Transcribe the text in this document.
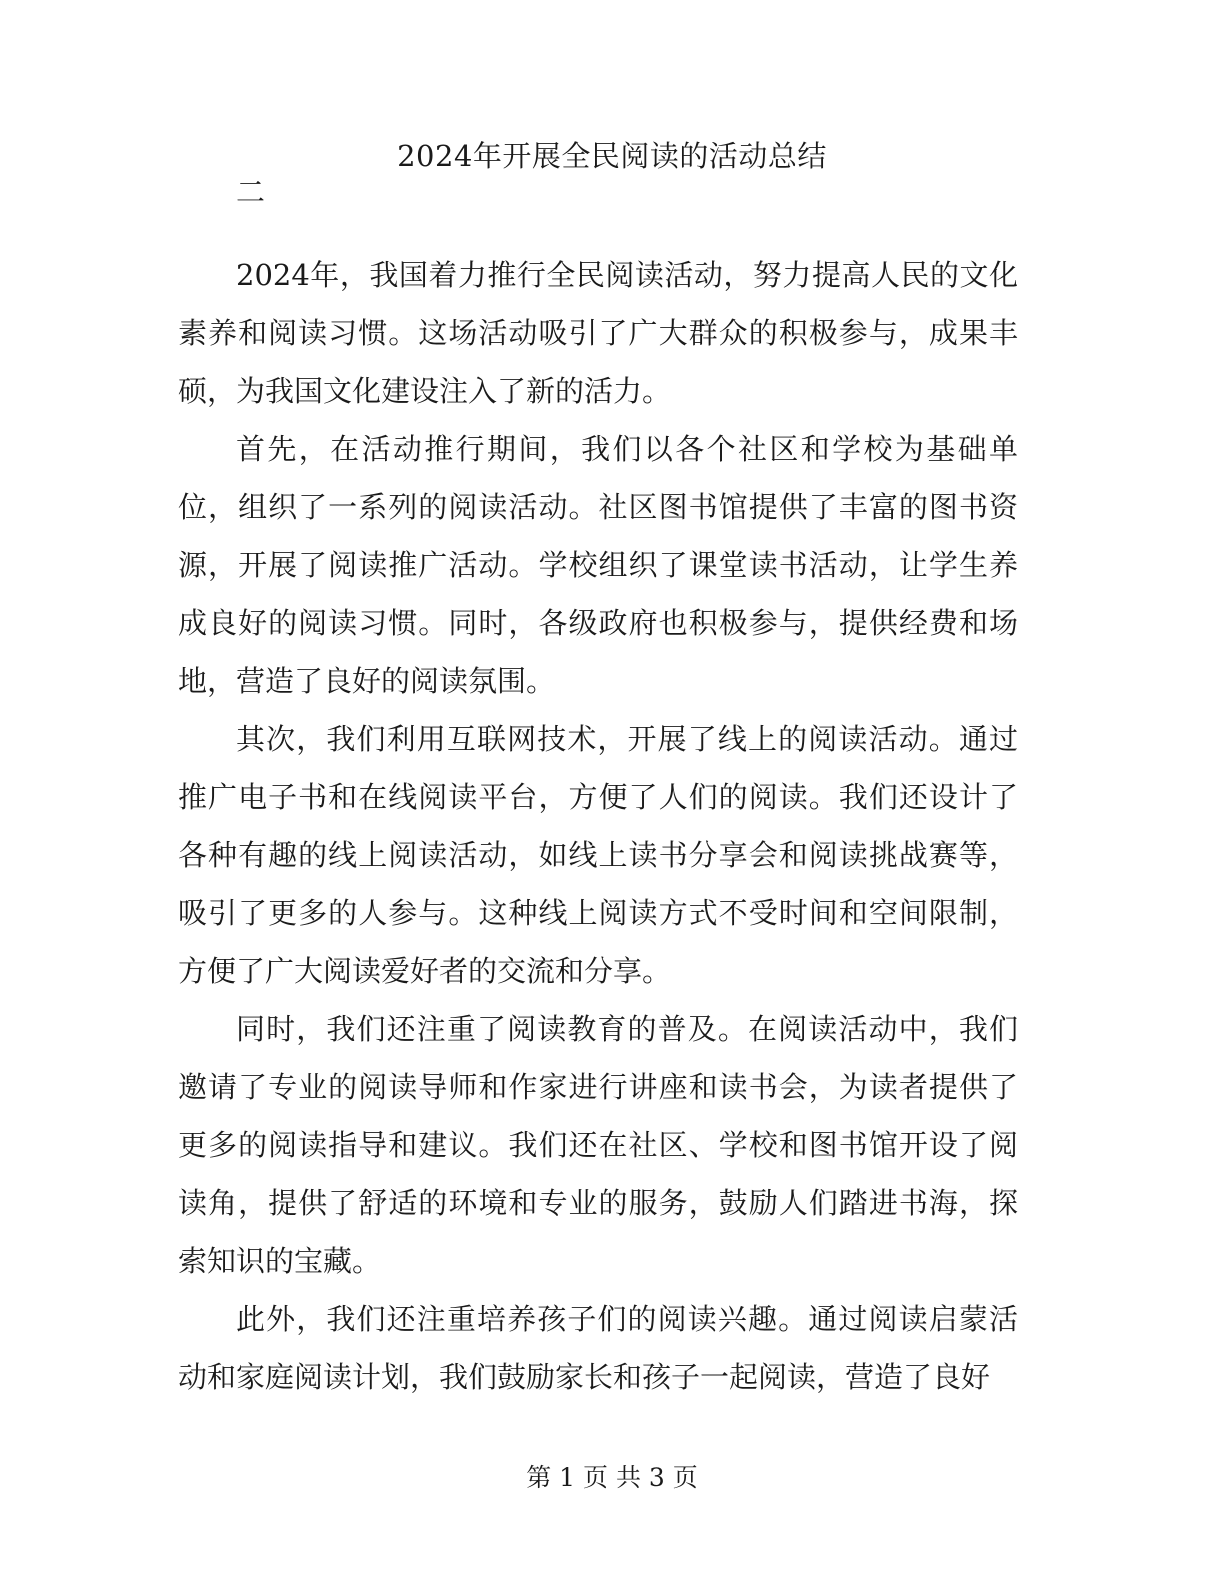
2024年开展全民阅读的活动总结
二

2024年，我国着力推行全民阅读活动，努力提高人民的文化素养和阅读习惯。这场活动吸引了广大群众的积极参与，成果丰硕，为我国文化建设注入了新的活力。

首先，在活动推行期间，我们以各个社区和学校为基础单位，组织了一系列的阅读活动。社区图书馆提供了丰富的图书资源，开展了阅读推广活动。学校组织了课堂读书活动，让学生养成良好的阅读习惯。同时，各级政府也积极参与，提供经费和场地，营造了良好的阅读氛围。

其次，我们利用互联网技术，开展了线上的阅读活动。通过推广电子书和在线阅读平台，方便了人们的阅读。我们还设计了各种有趣的线上阅读活动，如线上读书分享会和阅读挑战赛等，吸引了更多的人参与。这种线上阅读方式不受时间和空间限制，方便了广大阅读爱好者的交流和分享。

同时，我们还注重了阅读教育的普及。在阅读活动中，我们邀请了专业的阅读导师和作家进行讲座和读书会，为读者提供了更多的阅读指导和建议。我们还在社区、学校和图书馆开设了阅读角，提供了舒适的环境和专业的服务，鼓励人们踏进书海，探索知识的宝藏。

此外，我们还注重培养孩子们的阅读兴趣。通过阅读启蒙活动和家庭阅读计划，我们鼓励家长和孩子一起阅读，营造了良好

第 1 页 共 3 页
